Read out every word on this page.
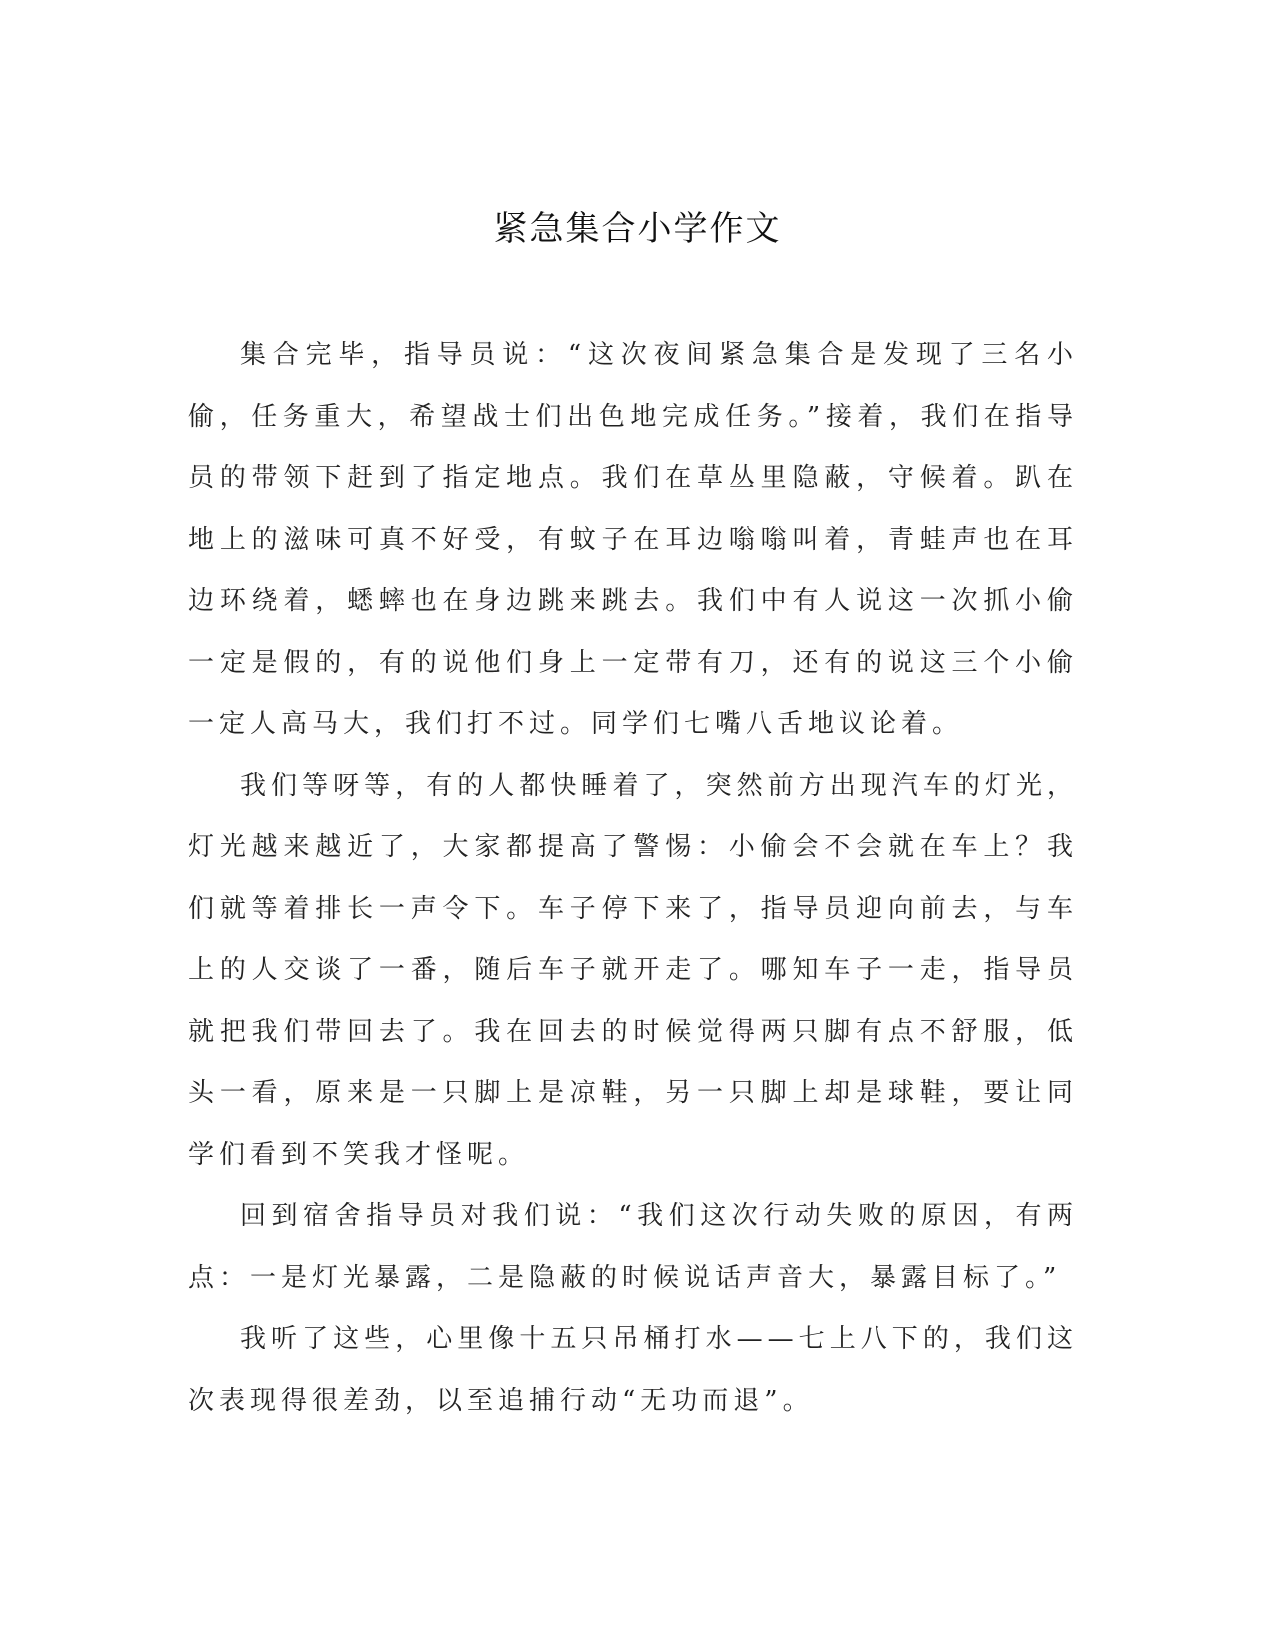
紧急集合小学作文

集合完毕，指导员说：“这次夜间紧急集合是发现了三名小偷，任务重大，希望战士们出色地完成任务。”接着，我们在指导员的带领下赶到了指定地点。我们在草丛里隐蔽，守候着。趴在地上的滋味可真不好受，有蚊子在耳边嗡嗡叫着，青蛙声也在耳边环绕着，蟋蟀也在身边跳来跳去。我们中有人说这一次抓小偷一定是假的，有的说他们身上一定带有刀，还有的说这三个小偷一定人高马大，我们打不过。同学们七嘴八舌地议论着。

我们等呀等，有的人都快睡着了，突然前方出现汽车的灯光，灯光越来越近了，大家都提高了警惕：小偷会不会就在车上？我们就等着排长一声令下。车子停下来了，指导员迎向前去，与车上的人交谈了一番，随后车子就开走了。哪知车子一走，指导员就把我们带回去了。我在回去的时候觉得两只脚有点不舒服，低头一看，原来是一只脚上是凉鞋，另一只脚上却是球鞋，要让同学们看到不笑我才怪呢。

回到宿舍指导员对我们说：“我们这次行动失败的原因，有两点：一是灯光暴露，二是隐蔽的时候说话声音大，暴露目标了。”

我听了这些，心里像十五只吊桶打水——七上八下的，我们这次表现得很差劲，以至追捕行动“无功而退”。
